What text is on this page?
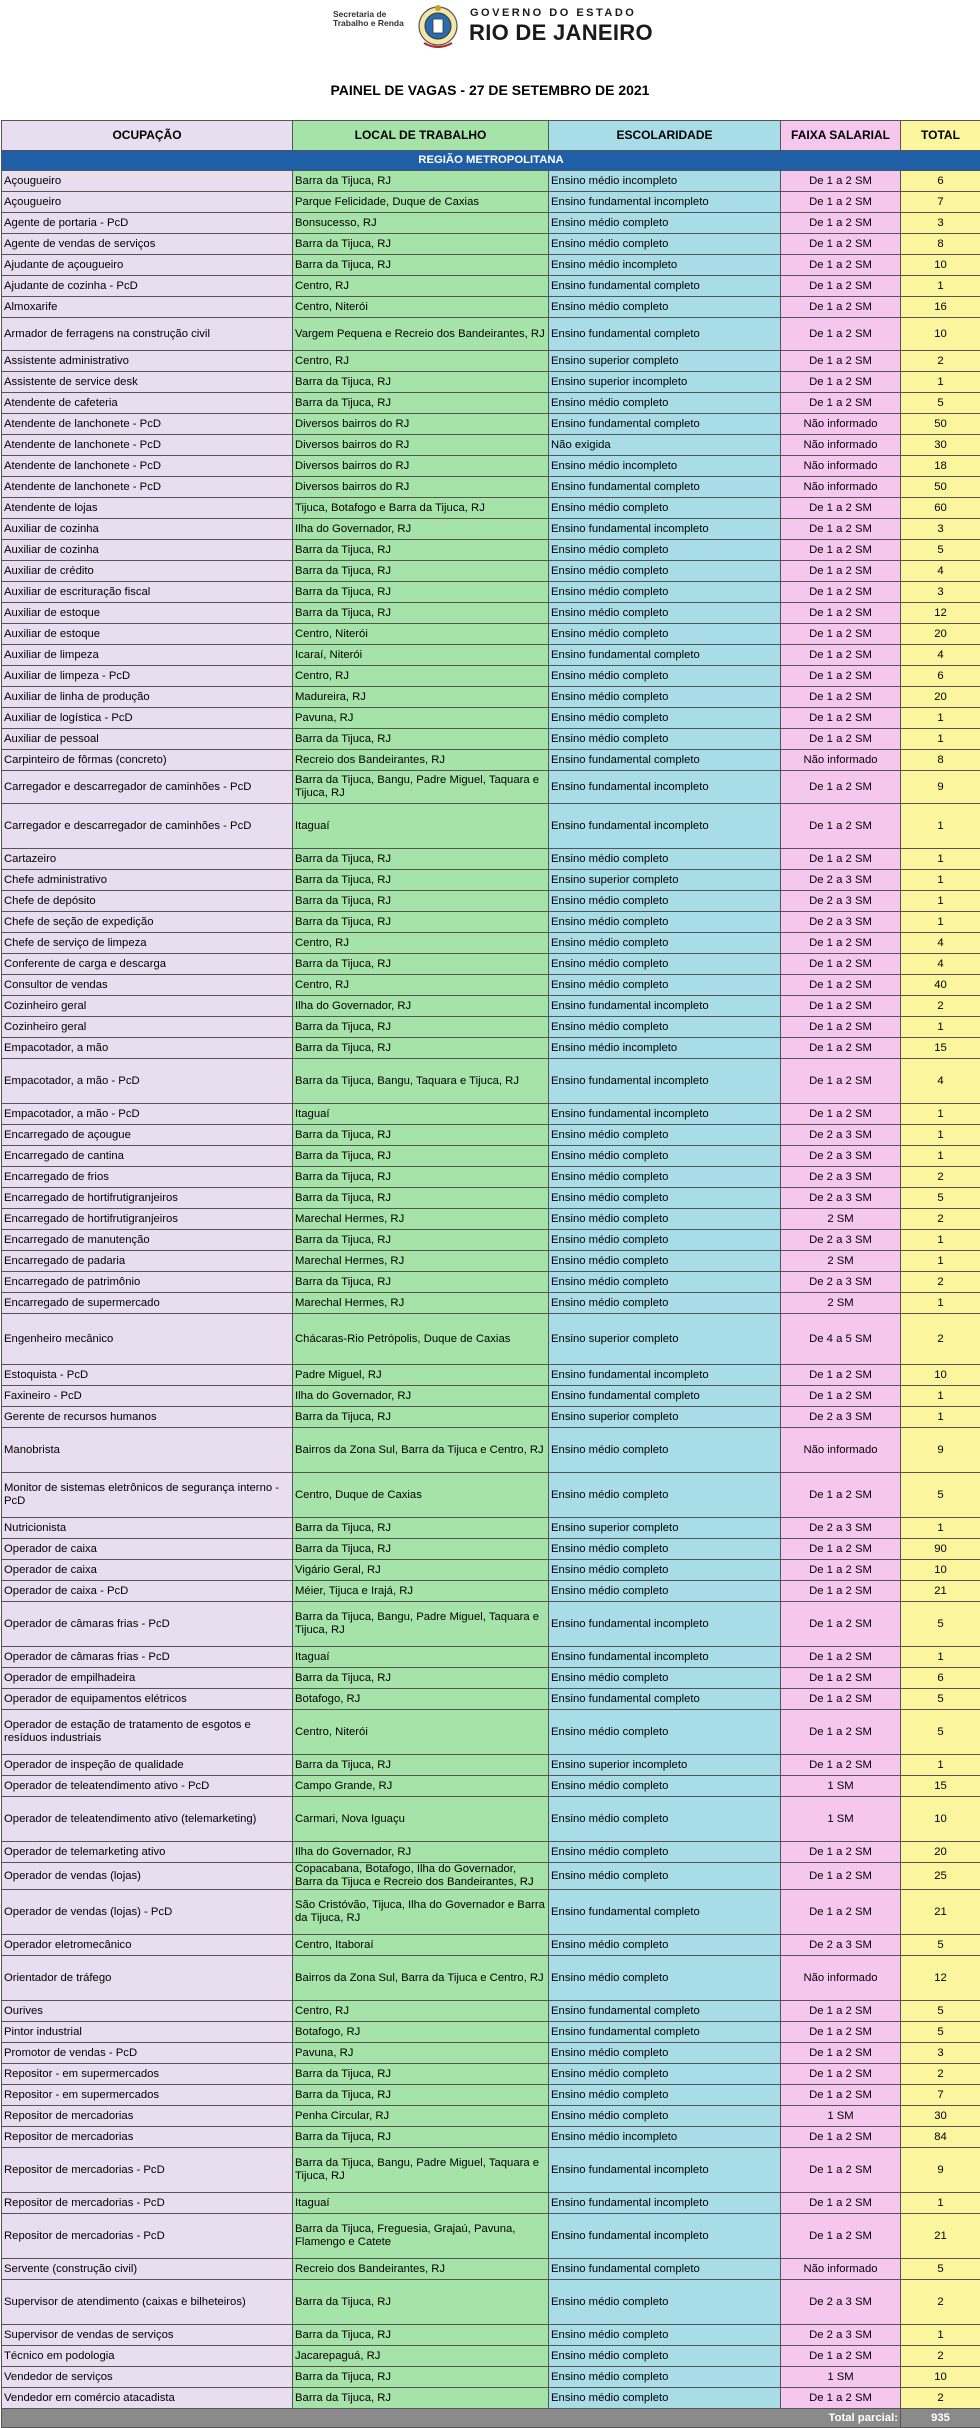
Secretaria de Trabalho e Renda
GOVERNO DO ESTADO
RIO DE JANEIRO
PAINEL DE VAGAS - 27 DE SETEMBRO DE 2021
OCUPAÇÃO	LOCAL DE TRABALHO	ESCOLARIDADE	FAIXA SALARIAL	TOTAL
REGIÃO METROPOLITANA				
Açougueiro	Barra da Tijuca, RJ	Ensino médio incompleto	De 1 a 2 SM	6
Açougueiro	Parque Felicidade, Duque de Caxias	Ensino fundamental incompleto	De 1 a 2 SM	7
Agente de portaria - PcD	Bonsucesso, RJ	Ensino médio completo	De 1 a 2 SM	3
Agente de vendas de serviços	Barra da Tijuca, RJ	Ensino médio completo	De 1 a 2 SM	8
Ajudante de açougueiro	Barra da Tijuca, RJ	Ensino médio incompleto	De 1 a 2 SM	10
Ajudante de cozinha - PcD	Centro, RJ	Ensino fundamental completo	De 1 a 2 SM	1
Almoxarife	Centro, Niterói	Ensino médio completo	De 1 a 2 SM	16
Armador de ferragens na construção civil	Vargem Pequena e Recreio dos Bandeirantes, RJ	Ensino fundamental completo	De 1 a 2 SM	10
Assistente administrativo	Centro, RJ	Ensino superior completo	De 1 a 2 SM	2
Assistente de service desk	Barra da Tijuca, RJ	Ensino superior incompleto	De 1 a 2 SM	1
Atendente de cafeteria	Barra da Tijuca, RJ	Ensino médio completo	De 1 a 2 SM	5
Atendente de lanchonete - PcD	Diversos bairros do RJ	Ensino fundamental completo	Não informado	50
Atendente de lanchonete - PcD	Diversos bairros do RJ	Não exigida	Não informado	30
Atendente de lanchonete - PcD	Diversos bairros do RJ	Ensino médio incompleto	Não informado	18
Atendente de lanchonete - PcD	Diversos bairros do RJ	Ensino fundamental completo	Não informado	50
Atendente de lojas	Tijuca, Botafogo e Barra da Tijuca, RJ	Ensino médio completo	De 1 a 2 SM	60
Auxiliar de cozinha	Ilha do Governador, RJ	Ensino fundamental incompleto	De 1 a 2 SM	3
Auxiliar de cozinha	Barra da Tijuca, RJ	Ensino médio completo	De 1 a 2 SM	5
Auxiliar de crédito	Barra da Tijuca, RJ	Ensino médio completo	De 1 a 2 SM	4
Auxiliar de escrituração fiscal	Barra da Tijuca, RJ	Ensino médio completo	De 1 a 2 SM	3
Auxiliar de estoque	Barra da Tijuca, RJ	Ensino médio completo	De 1 a 2 SM	12
Auxiliar de estoque	Centro, Niterói	Ensino médio completo	De 1 a 2 SM	20
Auxiliar de limpeza	Icaraí, Niterói	Ensino fundamental completo	De 1 a 2 SM	4
Auxiliar de limpeza - PcD	Centro, RJ	Ensino médio completo	De 1 a 2 SM	6
Auxiliar de linha de produção	Madureira, RJ	Ensino médio completo	De 1 a 2 SM	20
Auxiliar de logística - PcD	Pavuna, RJ	Ensino médio completo	De 1 a 2 SM	1
Auxiliar de pessoal	Barra da Tijuca, RJ	Ensino médio completo	De 1 a 2 SM	1
Carpinteiro de fôrmas (concreto)	Recreio dos Bandeirantes, RJ	Ensino fundamental completo	Não informado	8
Carregador e descarregador de caminhões - PcD	Barra da Tijuca, Bangu, Padre Miguel, Taquara e Tijuca, RJ	Ensino fundamental incompleto	De 1 a 2 SM	9
Carregador e descarregador de caminhões - PcD	Itaguaí	Ensino fundamental incompleto	De 1 a 2 SM	1
Cartazeiro	Barra da Tijuca, RJ	Ensino médio completo	De 1 a 2 SM	1
Chefe administrativo	Barra da Tijuca, RJ	Ensino superior completo	De 2 a 3 SM	1
Chefe de depósito	Barra da Tijuca, RJ	Ensino médio completo	De 2 a 3 SM	1
Chefe de seção de expedição	Barra da Tijuca, RJ	Ensino médio completo	De 2 a 3 SM	1
Chefe de serviço de limpeza	Centro, RJ	Ensino médio completo	De 1 a 2 SM	4
Conferente de carga e descarga	Barra da Tijuca, RJ	Ensino médio completo	De 1 a 2 SM	4
Consultor de vendas	Centro, RJ	Ensino médio completo	De 1 a 2 SM	40
Cozinheiro geral	Ilha do Governador, RJ	Ensino fundamental incompleto	De 1 a 2 SM	2
Cozinheiro geral	Barra da Tijuca, RJ	Ensino médio completo	De 1 a 2 SM	1
Empacotador, a mão	Barra da Tijuca, RJ	Ensino médio incompleto	De 1 a 2 SM	15
Empacotador, a mão - PcD	Barra da Tijuca, Bangu, Taquara e Tijuca, RJ	Ensino fundamental incompleto	De 1 a 2 SM	4
Empacotador, a mão - PcD	Itaguaí	Ensino fundamental incompleto	De 1 a 2 SM	1
Encarregado de açougue	Barra da Tijuca, RJ	Ensino médio completo	De 2 a 3 SM	1
Encarregado de cantina	Barra da Tijuca, RJ	Ensino médio completo	De 2 a 3 SM	1
Encarregado de frios	Barra da Tijuca, RJ	Ensino médio completo	De 2 a 3 SM	2
Encarregado de hortifrutigranjeiros	Barra da Tijuca, RJ	Ensino médio completo	De 2 a 3 SM	5
Encarregado de hortifrutigranjeiros	Marechal Hermes, RJ	Ensino médio completo	2 SM	2
Encarregado de manutenção	Barra da Tijuca, RJ	Ensino médio completo	De 2 a 3 SM	1
Encarregado de padaria	Marechal Hermes, RJ	Ensino médio completo	2 SM	1
Encarregado de patrimônio	Barra da Tijuca, RJ	Ensino médio completo	De 2 a 3 SM	2
Encarregado de supermercado	Marechal Hermes, RJ	Ensino médio completo	2 SM	1
Engenheiro mecânico	Chácaras-Rio Petrópolis, Duque de Caxias	Ensino superior completo	De 4 a 5 SM	2
Estoquista - PcD	Padre Miguel, RJ	Ensino fundamental incompleto	De 1 a 2 SM	10
Faxineiro - PcD	Ilha do Governador, RJ	Ensino fundamental completo	De 1 a 2 SM	1
Gerente de recursos humanos	Barra da Tijuca, RJ	Ensino superior completo	De 2 a 3 SM	1
Manobrista	Bairros da Zona Sul, Barra da Tijuca e Centro, RJ	Ensino médio completo	Não informado	9
Monitor de sistemas eletrônicos de segurança interno - PcD	Centro, Duque de Caxias	Ensino médio completo	De 1 a 2 SM	5
Nutricionista	Barra da Tijuca, RJ	Ensino superior completo	De 2 a 3 SM	1
Operador de caixa	Barra da Tijuca, RJ	Ensino médio completo	De 1 a 2 SM	90
Operador de caixa	Vigário Geral, RJ	Ensino médio completo	De 1 a 2 SM	10
Operador de caixa - PcD	Méier, Tijuca e Irajá, RJ	Ensino médio completo	De 1 a 2 SM	21
Operador de câmaras frias - PcD	Barra da Tijuca, Bangu, Padre Miguel, Taquara e Tijuca, RJ	Ensino fundamental incompleto	De 1 a 2 SM	5
Operador de câmaras frias - PcD	Itaguaí	Ensino fundamental incompleto	De 1 a 2 SM	1
Operador de empilhadeira	Barra da Tijuca, RJ	Ensino médio completo	De 1 a 2 SM	6
Operador de equipamentos elétricos	Botafogo, RJ	Ensino fundamental completo	De 1 a 2 SM	5
Operador de estação de tratamento de esgotos e resíduos industriais	Centro, Niterói	Ensino médio completo	De 1 a 2 SM	5
Operador de inspeção de qualidade	Barra da Tijuca, RJ	Ensino superior incompleto	De 1 a 2 SM	1
Operador de teleatendimento ativo - PcD	Campo Grande, RJ	Ensino médio completo	1 SM	15
Operador de teleatendimento ativo (telemarketing)	Carmari, Nova Iguaçu	Ensino médio completo	1 SM	10
Operador de telemarketing ativo	Ilha do Governador, RJ	Ensino médio completo	De 1 a 2 SM	20
Operador de vendas (lojas)	Copacabana, Botafogo, Ilha do Governador, Barra da Tijuca e Recreio dos Bandeirantes, RJ	Ensino médio completo	De 1 a 2 SM	25
Operador de vendas (lojas) - PcD	São Cristóvão, Tijuca, Ilha do Governador e Barra da Tijuca, RJ	Ensino fundamental completo	De 1 a 2 SM	21
Operador eletromecânico	Centro, Itaboraí	Ensino médio completo	De 2 a 3 SM	5
Orientador de tráfego	Bairros da Zona Sul, Barra da Tijuca e Centro, RJ	Ensino médio completo	Não informado	12
Ourives	Centro, RJ	Ensino fundamental completo	De 1 a 2 SM	5
Pintor industrial	Botafogo, RJ	Ensino fundamental completo	De 1 a 2 SM	5
Promotor de vendas - PcD	Pavuna, RJ	Ensino médio completo	De 1 a 2 SM	3
Repositor - em supermercados	Barra da Tijuca, RJ	Ensino médio completo	De 1 a 2 SM	2
Repositor - em supermercados	Barra da Tijuca, RJ	Ensino médio completo	De 1 a 2 SM	7
Repositor de mercadorias	Penha Circular, RJ	Ensino médio completo	1 SM	30
Repositor de mercadorias	Barra da Tijuca, RJ	Ensino médio incompleto	De 1 a 2 SM	84
Repositor de mercadorias - PcD	Barra da Tijuca, Bangu, Padre Miguel, Taquara e Tijuca, RJ	Ensino fundamental incompleto	De 1 a 2 SM	9
Repositor de mercadorias - PcD	Itaguaí	Ensino fundamental incompleto	De 1 a 2 SM	1
Repositor de mercadorias - PcD	Barra da Tijuca, Freguesia, Grajaú, Pavuna, Flamengo e Catete	Ensino fundamental incompleto	De 1 a 2 SM	21
Servente (construção civil)	Recreio dos Bandeirantes, RJ	Ensino fundamental completo	Não informado	5
Supervisor de atendimento (caixas e bilheteiros)	Barra da Tijuca, RJ	Ensino médio completo	De 2 a 3 SM	2
Supervisor de vendas de serviços	Barra da Tijuca, RJ	Ensino médio completo	De 2 a 3 SM	1
Técnico em podologia	Jacarepaguá, RJ	Ensino médio completo	De 1 a 2 SM	2
Vendedor de serviços	Barra da Tijuca, RJ	Ensino médio completo	1 SM	10
Vendedor em comércio atacadista	Barra da Tijuca, RJ	Ensino médio completo	De 1 a 2 SM	2
Total parcial:				935
